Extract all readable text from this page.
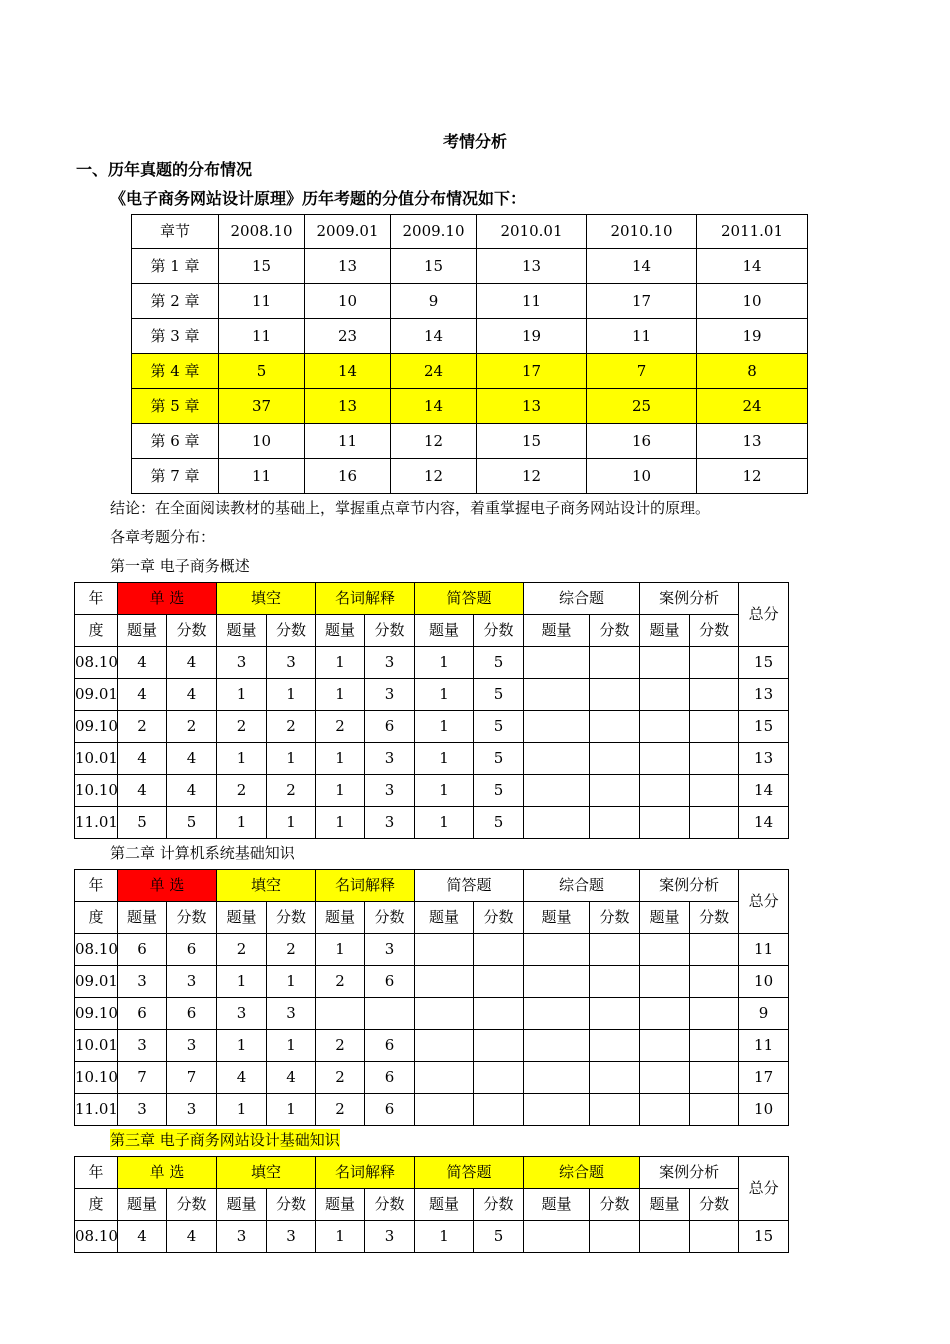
考情分析
一、历年真题的分布情况
《电子商务网站设计原理》历年考题的分值分布情况如下：
章节	2008.10	2009.01	2009.10	2010.01	2010.10	2011.01
第 1 章	15	13	15	13	14	14
第 2 章	11	10	9	11	17	10
第 3 章	11	23	14	19	11	19
第 4 章	5	14	24	17	7	8
第 5 章	37	13	14	13	25	24
第 6 章	10	11	12	15	16	13
第 7 章	11	16	12	12	10	12
结论：在全面阅读教材的基础上，掌握重点章节内容，着重掌握电子商务网站设计的原理。
各章考题分布：
第一章 电子商务概述
年	单 选		填空		名词解释		简答题		综合题		案例分析		总分
度	题量	分数	题量	分数	题量	分数	题量	分数	题量	分数	题量	分数	
08.10	4	4	3	3	1	3	1	5					15
09.01	4	4	1	1	1	3	1	5					13
09.10	2	2	2	2	2	6	1	5					15
10.01	4	4	1	1	1	3	1	5					13
10.10	4	4	2	2	1	3	1	5					14
11.01	5	5	1	1	1	3	1	5					14
第二章 计算机系统基础知识
年	单 选		填空		名词解释		简答题		综合题		案例分析		总分
度	题量	分数	题量	分数	题量	分数	题量	分数	题量	分数	题量	分数	
08.10	6	6	2	2	1	3							11
09.01	3	3	1	1	2	6							10
09.10	6	6	3	3									9
10.01	3	3	1	1	2	6							11
10.10	7	7	4	4	2	6							17
11.01	3	3	1	1	2	6							10
第三章 电子商务网站设计基础知识
年	单 选		填空		名词解释		简答题		综合题		案例分析		总分
度	题量	分数	题量	分数	题量	分数	题量	分数	题量	分数	题量	分数	
08.10	4	4	3	3	1	3	1	5					15
